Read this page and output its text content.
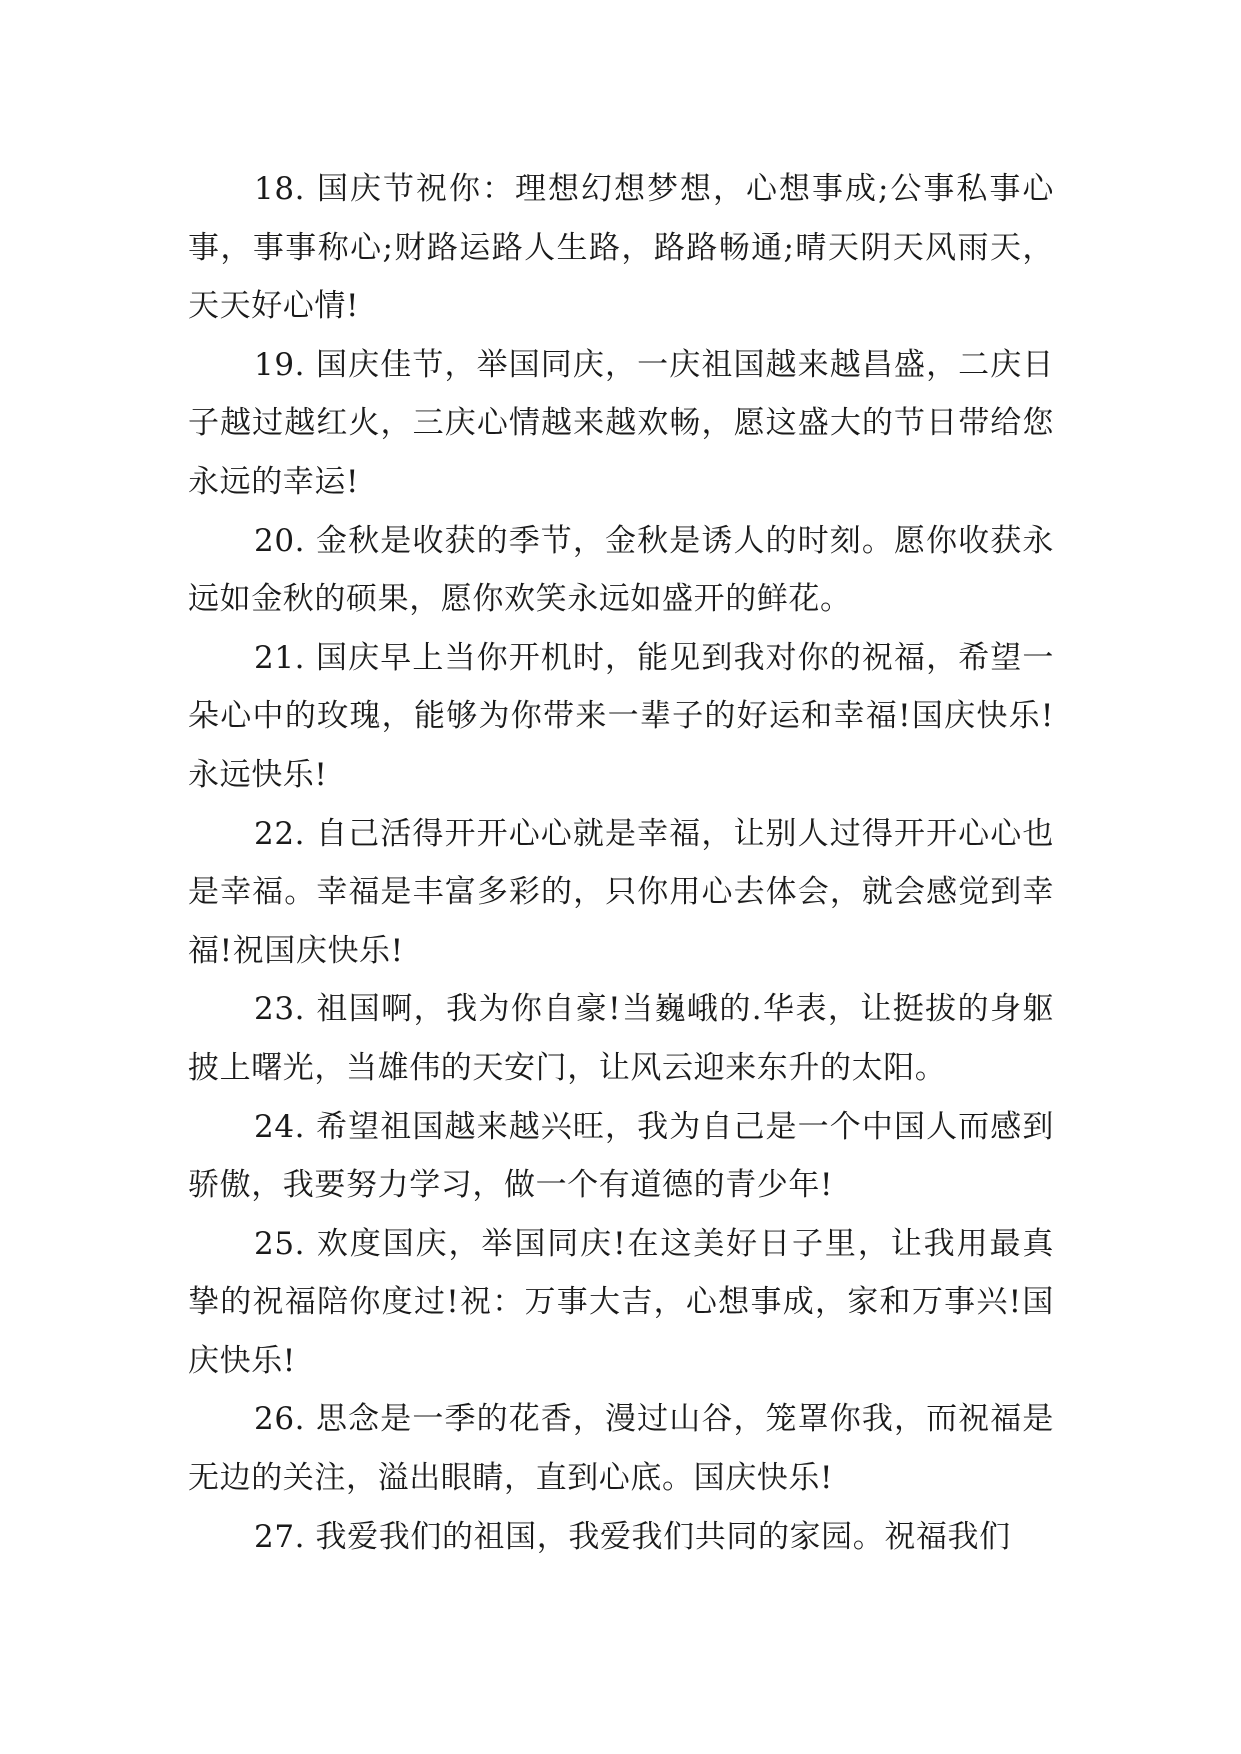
18. 国庆节祝你：理想幻想梦想，心想事成;公事私事心事，事事称心;财路运路人生路，路路畅通;晴天阴天风雨天，天天好心情!

19. 国庆佳节，举国同庆，一庆祖国越来越昌盛，二庆日子越过越红火，三庆心情越来越欢畅，愿这盛大的节日带给您永远的幸运!

20. 金秋是收获的季节，金秋是诱人的时刻。愿你收获永远如金秋的硕果，愿你欢笑永远如盛开的鲜花。

21. 国庆早上当你开机时，能见到我对你的祝福，希望一朵心中的玫瑰，能够为你带来一辈子的好运和幸福!国庆快乐!永远快乐!

22. 自己活得开开心心就是幸福，让别人过得开开心心也是幸福。幸福是丰富多彩的，只你用心去体会，就会感觉到幸福!祝国庆快乐!

23. 祖国啊，我为你自豪!当巍峨的.华表，让挺拔的身躯披上曙光，当雄伟的天安门，让风云迎来东升的太阳。

24. 希望祖国越来越兴旺，我为自己是一个中国人而感到骄傲，我要努力学习，做一个有道德的青少年!

25. 欢度国庆，举国同庆!在这美好日子里，让我用最真挚的祝福陪你度过!祝：万事大吉，心想事成，家和万事兴!国庆快乐!

26. 思念是一季的花香，漫过山谷，笼罩你我，而祝福是无边的关注，溢出眼睛，直到心底。国庆快乐!

27. 我爱我们的祖国，我爱我们共同的家园。祝福我们
